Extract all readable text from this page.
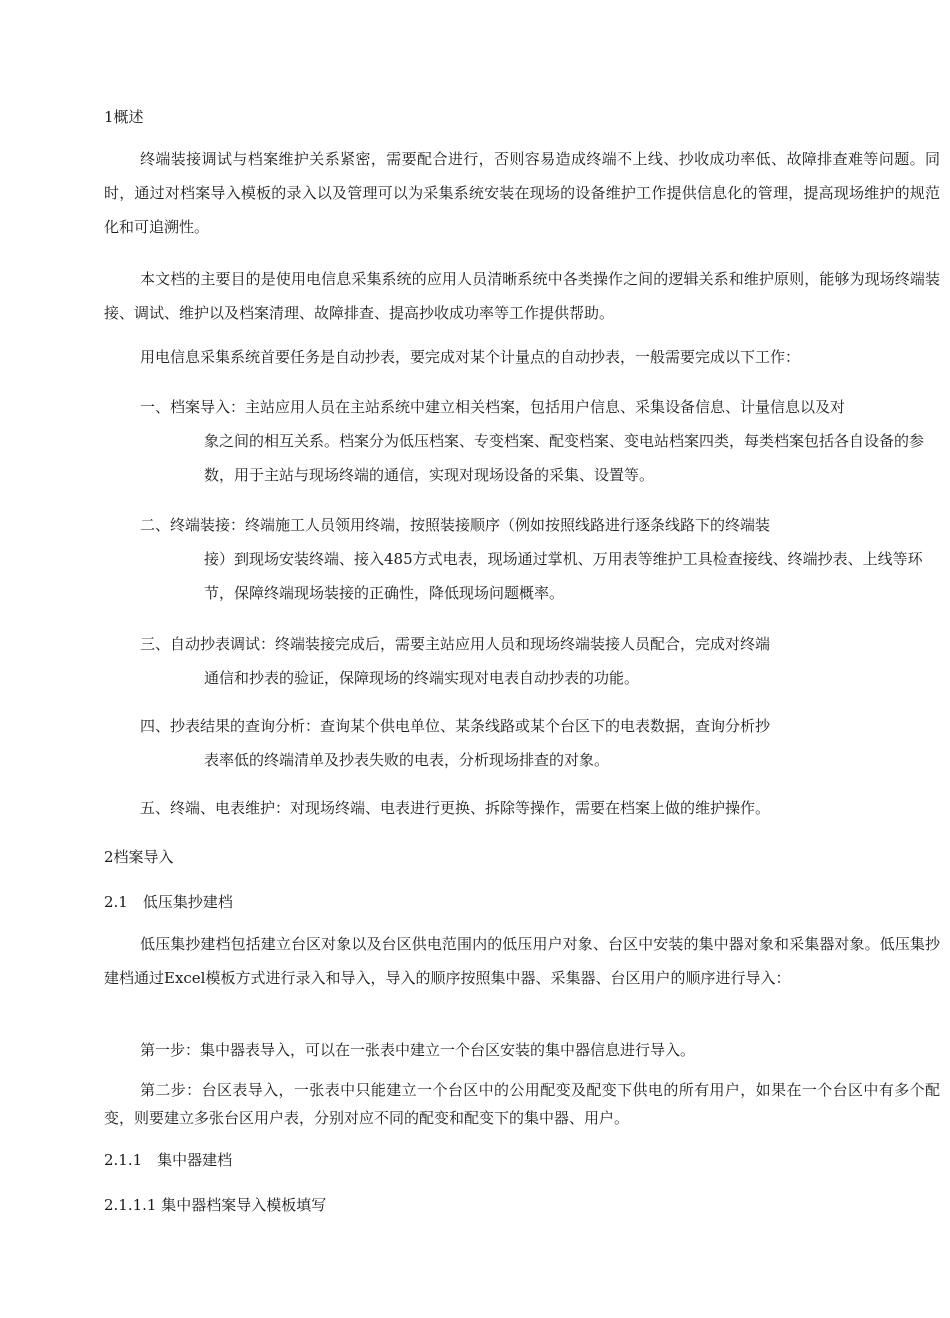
1概述

终端装接调试与档案维护关系紧密，需要配合进行，否则容易造成终端不上线、抄收成功率低、故障排查难等问题。同时，通过对档案导入模板的录入以及管理可以为采集系统安装在现场的设备维护工作提供信息化的管理，提高现场维护的规范化和可追溯性。

本文档的主要目的是使用电信息采集系统的应用人员清晰系统中各类操作之间的逻辑关系和维护原则，能够为现场终端装接、调试、维护以及档案清理、故障排查、提高抄收成功率等工作提供帮助。

用电信息采集系统首要任务是自动抄表，要完成对某个计量点的自动抄表，一般需要完成以下工作：

一、档案导入：主站应用人员在主站系统中建立相关档案，包括用户信息、采集设备信息、计量信息以及对
象之间的相互关系。档案分为低压档案、专变档案、配变档案、变电站档案四类，每类档案包括各自设备的参数，用于主站与现场终端的通信，实现对现场设备的采集、设置等。
二、终端装接：终端施工人员领用终端，按照装接顺序（例如按照线路进行逐条线路下的终端装
接）到现场安装终端、接入485方式电表，现场通过掌机、万用表等维护工具检查接线、终端抄表、上线等环节，保障终端现场装接的正确性，降低现场问题概率。
三、自动抄表调试：终端装接完成后，需要主站应用人员和现场终端装接人员配合，完成对终端
通信和抄表的验证，保障现场的终端实现对电表自动抄表的功能。
四、抄表结果的查询分析：查询某个供电单位、某条线路或某个台区下的电表数据，查询分析抄
表率低的终端清单及抄表失败的电表，分析现场排查的对象。
五、终端、电表维护：对现场终端、电表进行更换、拆除等操作，需要在档案上做的维护操作。
2档案导入
2.1　低压集抄建档

低压集抄建档包括建立台区对象以及台区供电范围内的低压用户对象、台区中安装的集中器对象和采集器对象。低压集抄建档通过Excel模板方式进行录入和导入，导入的顺序按照集中器、采集器、台区用户的顺序进行导入：

第一步：集中器表导入，可以在一张表中建立一个台区安装的集中器信息进行导入。

第二步：台区表导入，一张表中只能建立一个台区中的公用配变及配变下供电的所有用户，如果在一个台区中有多个配变，则要建立多张台区用户表，分别对应不同的配变和配变下的集中器、用户。

2.1.1　集中器建档
2.1.1.1 集中器档案导入模板填写
